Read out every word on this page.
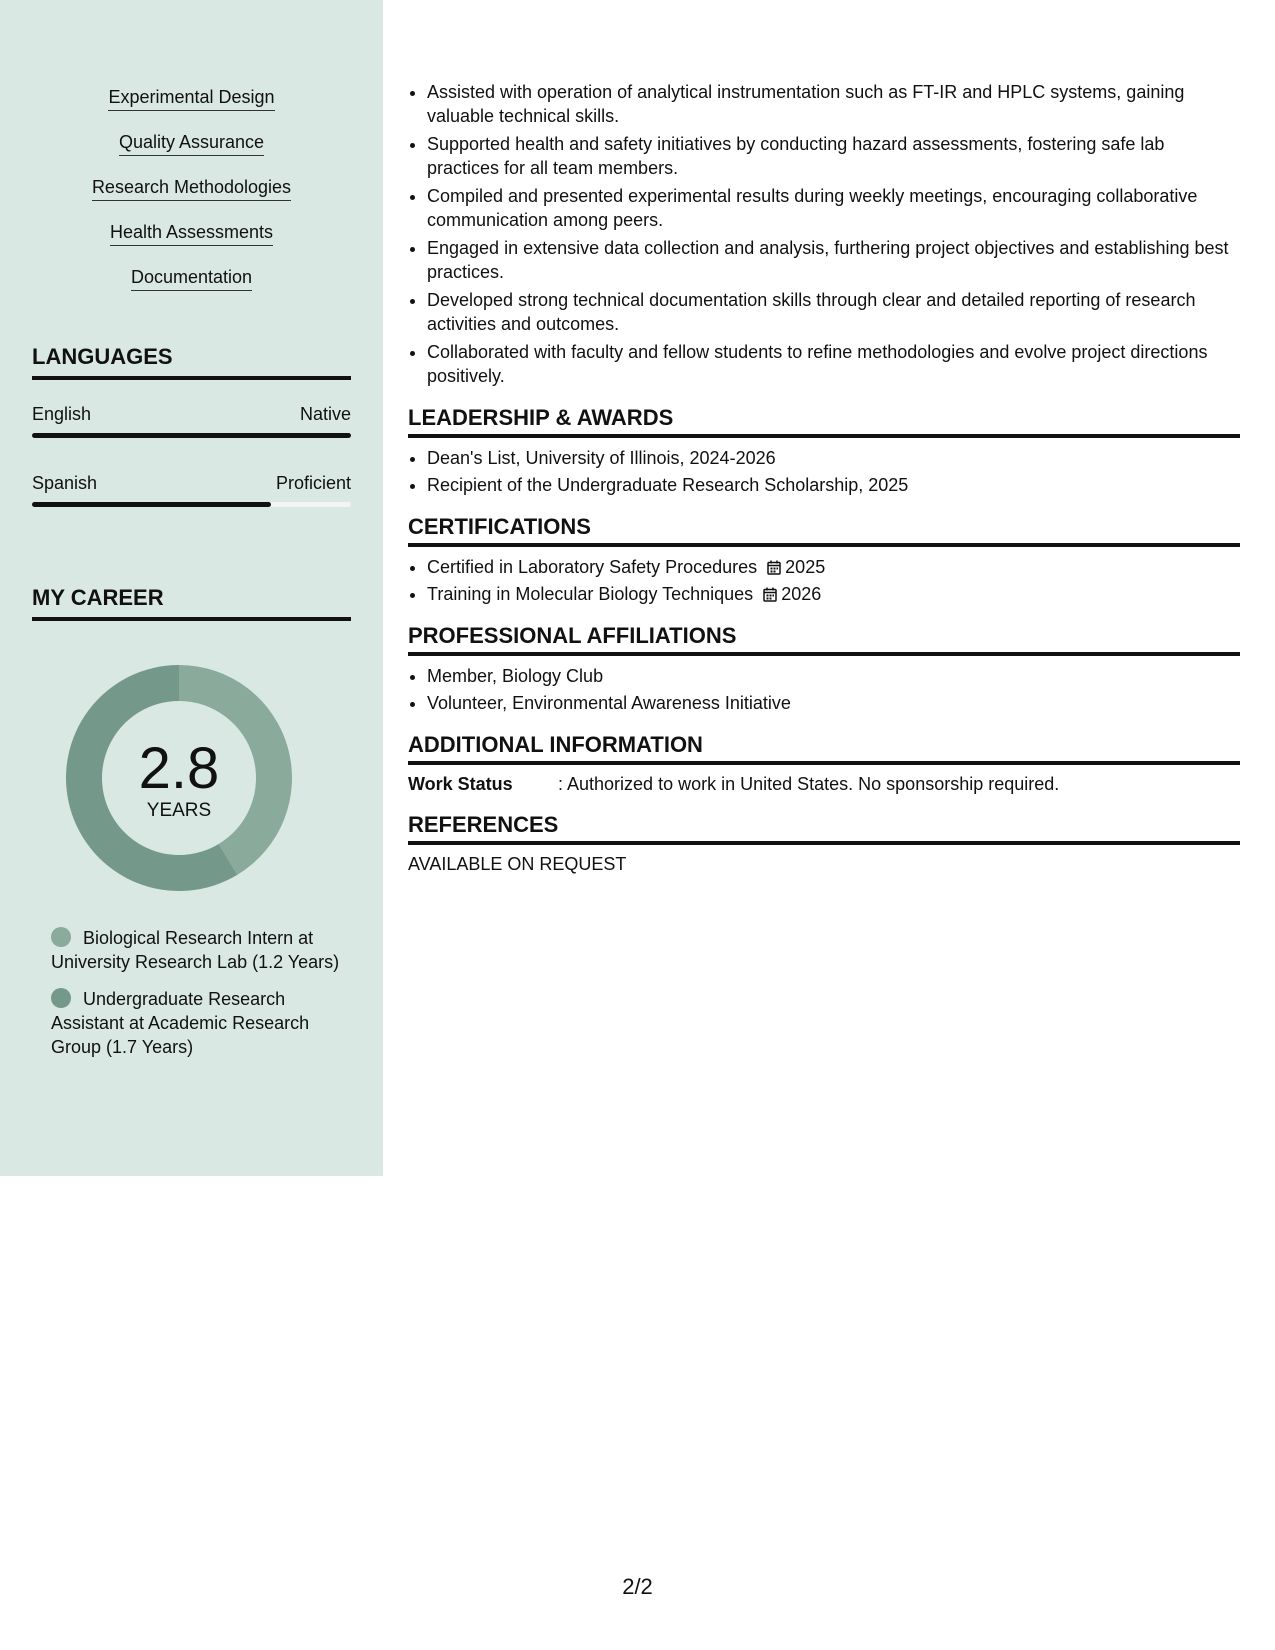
Experimental Design
Quality Assurance
Research Methodologies
Health Assessments
Documentation
LANGUAGES
English	Native
Spanish	Proficient
MY CAREER
2.8
YEARS
Biological Research Intern at University Research Lab (1.2 Years)
Undergraduate Research Assistant at Academic Research Group (1.7 Years)
• Assisted with operation of analytical instrumentation such as FT-IR and HPLC systems, gaining valuable technical skills.
• Supported health and safety initiatives by conducting hazard assessments, fostering safe lab practices for all team members.
• Compiled and presented experimental results during weekly meetings, encouraging collaborative communication among peers.
• Engaged in extensive data collection and analysis, furthering project objectives and establishing best practices.
• Developed strong technical documentation skills through clear and detailed reporting of research activities and outcomes.
• Collaborated with faculty and fellow students to refine methodologies and evolve project directions positively.
LEADERSHIP & AWARDS
• Dean's List, University of Illinois, 2024-2026
• Recipient of the Undergraduate Research Scholarship, 2025
CERTIFICATIONS
• Certified in Laboratory Safety Procedures 2025
• Training in Molecular Biology Techniques 2026
PROFESSIONAL AFFILIATIONS
• Member, Biology Club
• Volunteer, Environmental Awareness Initiative
ADDITIONAL INFORMATION
Work Status	: Authorized to work in United States. No sponsorship required.
REFERENCES
AVAILABLE ON REQUEST
2/2
